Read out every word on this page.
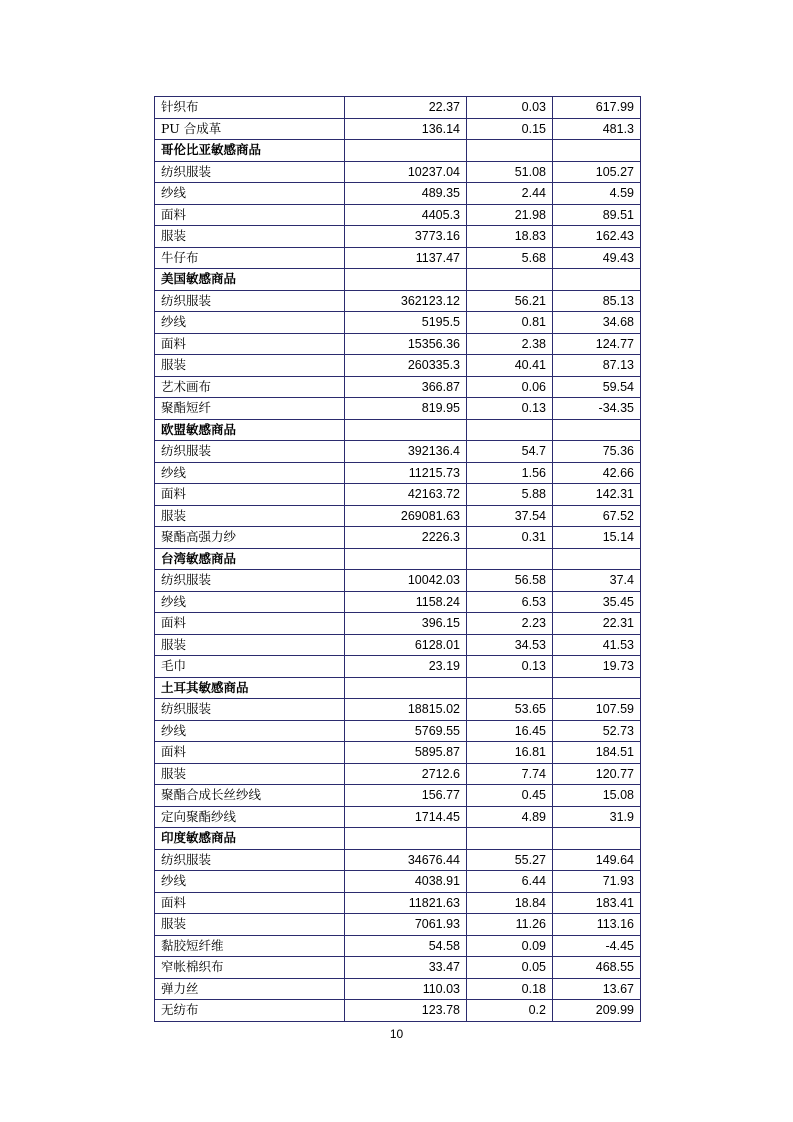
针织布	22.37	0.03	617.99
PU 合成革	136.14	0.15	481.3
哥伦比亚敏感商品			
纺织服装	10237.04	51.08	105.27
纱线	489.35	2.44	4.59
面料	4405.3	21.98	89.51
服装	3773.16	18.83	162.43
牛仔布	1137.47	5.68	49.43
美国敏感商品			
纺织服装	362123.12	56.21	85.13
纱线	5195.5	0.81	34.68
面料	15356.36	2.38	124.77
服装	260335.3	40.41	87.13
艺术画布	366.87	0.06	59.54
聚酯短纤	819.95	0.13	-34.35
欧盟敏感商品			
纺织服装	392136.4	54.7	75.36
纱线	11215.73	1.56	42.66
面料	42163.72	5.88	142.31
服装	269081.63	37.54	67.52
聚酯高强力纱	2226.3	0.31	15.14
台湾敏感商品			
纺织服装	10042.03	56.58	37.4
纱线	1158.24	6.53	35.45
面料	396.15	2.23	22.31
服装	6128.01	34.53	41.53
毛巾	23.19	0.13	19.73
土耳其敏感商品			
纺织服装	18815.02	53.65	107.59
纱线	5769.55	16.45	52.73
面料	5895.87	16.81	184.51
服装	2712.6	7.74	120.77
聚酯合成长丝纱线	156.77	0.45	15.08
定向聚酯纱线	1714.45	4.89	31.9
印度敏感商品			
纺织服装	34676.44	55.27	149.64
纱线	4038.91	6.44	71.93
面料	11821.63	18.84	183.41
服装	7061.93	11.26	113.16
黏胶短纤维	54.58	0.09	-4.45
窄帐棉织布	33.47	0.05	468.55
弹力丝	110.03	0.18	13.67
无纺布	123.78	0.2	209.99
10
